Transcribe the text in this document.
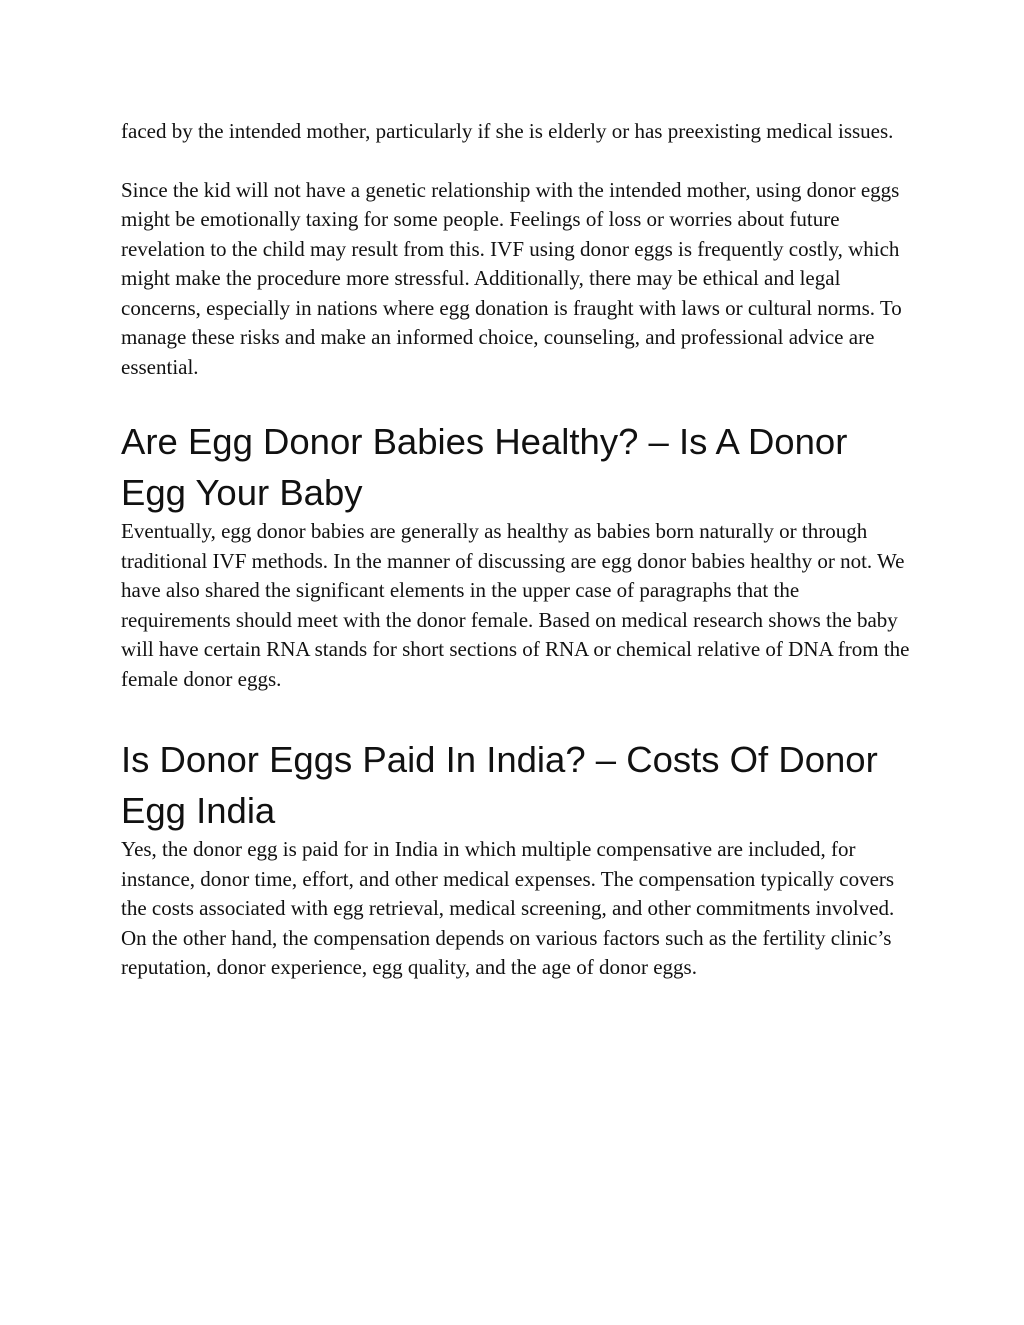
faced by the intended mother, particularly if she is elderly or has preexisting medical issues.

Since the kid will not have a genetic relationship with the intended mother, using donor eggs might be emotionally taxing for some people. Feelings of loss or worries about future revelation to the child may result from this. IVF using donor eggs is frequently costly, which might make the procedure more stressful. Additionally, there may be ethical and legal concerns, especially in nations where egg donation is fraught with laws or cultural norms. To manage these risks and make an informed choice, counseling, and professional advice are essential.

Are Egg Donor Babies Healthy? – Is A Donor Egg Your Baby

Eventually, egg donor babies are generally as healthy as babies born naturally or through traditional IVF methods. In the manner of discussing are egg donor babies healthy or not. We have also shared the significant elements in the upper case of paragraphs that the requirements should meet with the donor female. Based on medical research shows the baby will have certain RNA stands for short sections of RNA or chemical relative of DNA from the female donor eggs.

Is Donor Eggs Paid In India? – Costs Of Donor Egg India

Yes, the donor egg is paid for in India in which multiple compensative are included, for instance, donor time, effort, and other medical expenses. The compensation typically covers the costs associated with egg retrieval, medical screening, and other commitments involved. On the other hand, the compensation depends on various factors such as the fertility clinic’s reputation, donor experience, egg quality, and the age of donor eggs.
